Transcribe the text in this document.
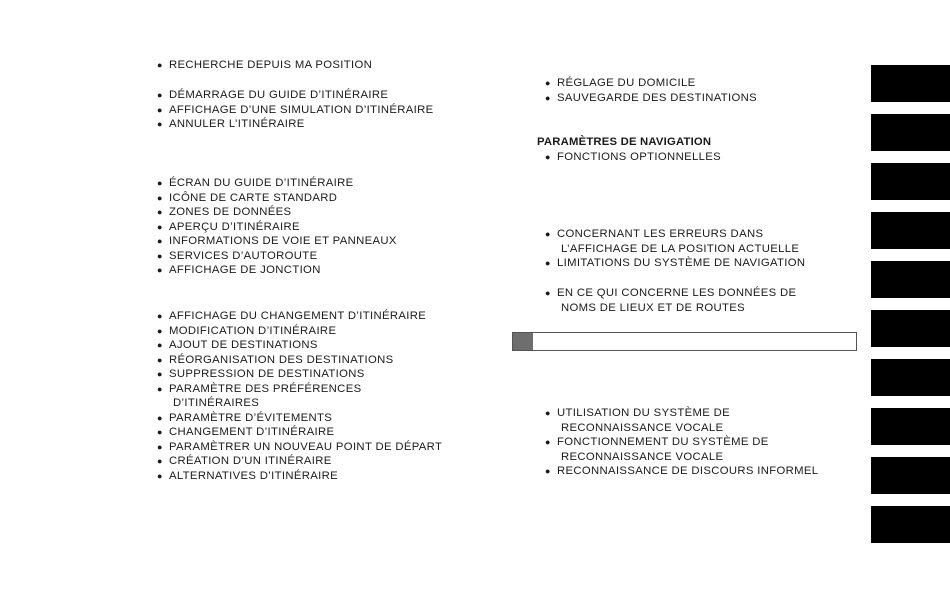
● RECHERCHE DEPUIS MA POSITION
● DÉMARRAGE DU GUIDE D’ITINÉRAIRE
● AFFICHAGE D’UNE SIMULATION D’ITINÉRAIRE
● ANNULER L’ITINÉRAIRE
● ÉCRAN DU GUIDE D’ITINÉRAIRE
● ICÔNE DE CARTE STANDARD
● ZONES DE DONNÉES
● APERÇU D’ITINÉRAIRE
● INFORMATIONS DE VOIE ET PANNEAUX
● SERVICES D’AUTOROUTE
● AFFICHAGE DE JONCTION
● AFFICHAGE DU CHANGEMENT D’ITINÉRAIRE
● MODIFICATION D’ITINÉRAIRE
● AJOUT DE DESTINATIONS
● RÉORGANISATION DES DESTINATIONS
● SUPPRESSION DE DESTINATIONS
● PARAMÈTRE DES PRÉFÉRENCES
D’ITINÉRAIRES
● PARAMÈTRE D’ÉVITEMENTS
● CHANGEMENT D’ITINÉRAIRE
● PARAMÈTRER UN NOUVEAU POINT DE DÉPART
● CRÉATION D’UN ITINÉRAIRE
● ALTERNATIVES D’ITINÉRAIRE
● RÉGLAGE DU DOMICILE
● SAUVEGARDE DES DESTINATIONS
PARAMÈTRES DE NAVIGATION
● FONCTIONS OPTIONNELLES
● CONCERNANT LES ERREURS DANS
L’AFFICHAGE DE LA POSITION ACTUELLE
● LIMITATIONS DU SYSTÈME DE NAVIGATION
● EN CE QUI CONCERNE LES DONNÉES DE
NOMS DE LIEUX ET DE ROUTES
● UTILISATION DU SYSTÈME DE
RECONNAISSANCE VOCALE
● FONCTIONNEMENT DU SYSTÈME DE
RECONNAISSANCE VOCALE
● RECONNAISSANCE DE DISCOURS INFORMEL
